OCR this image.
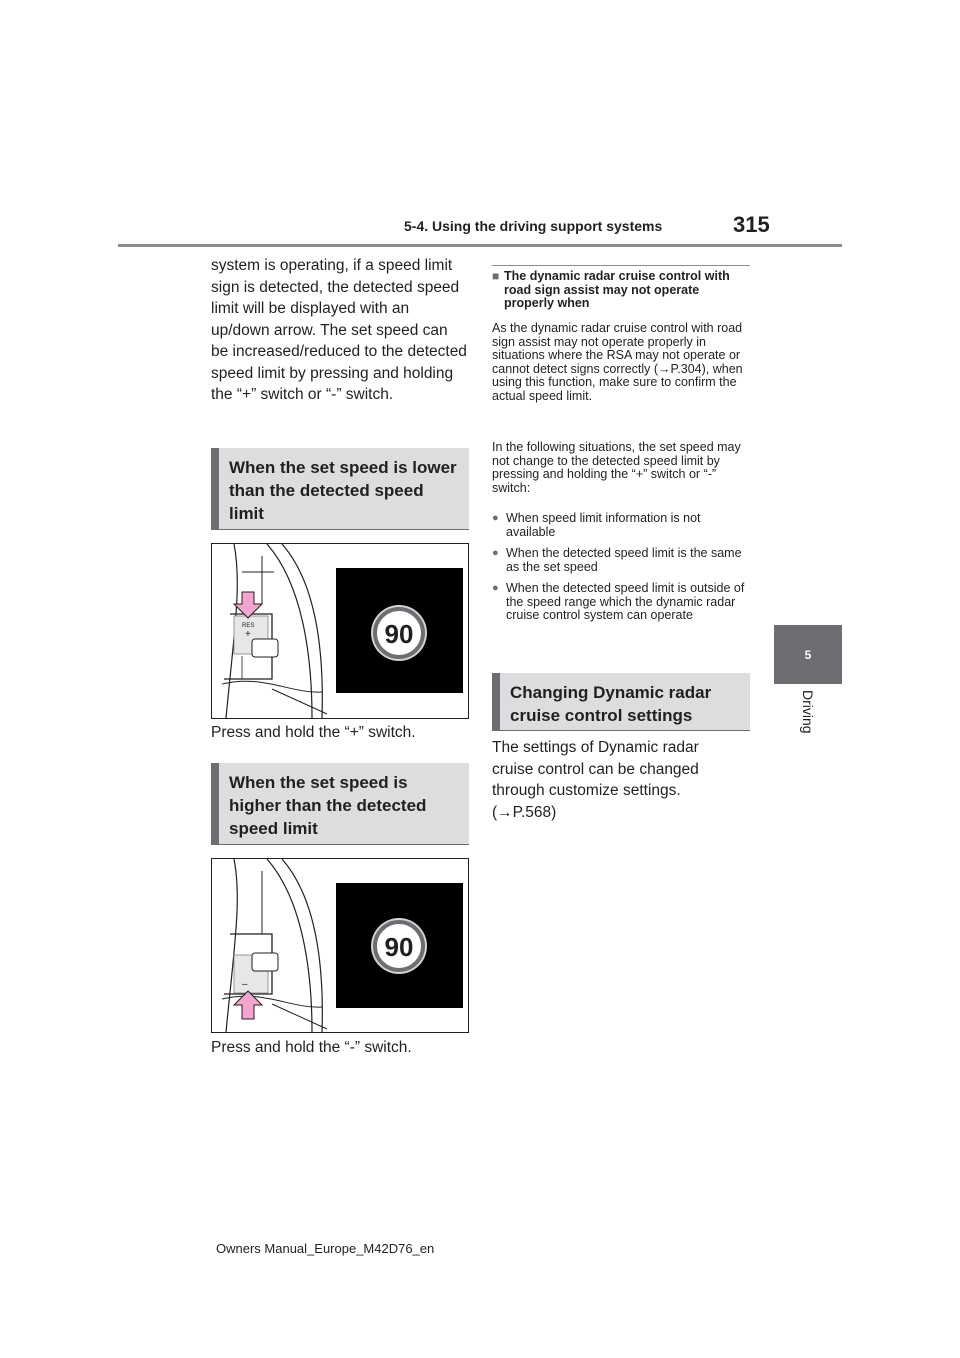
5-4. Using the driving support systems	315
5
Driving
system is operating, if a speed limit sign is detected, the detected speed limit will be displayed with an up/down arrow. The set speed can be increased/reduced to the detected speed limit by pressing and holding the “+” switch or “-” switch.
When the set speed is lower than the detected speed limit
RES
+	90
Press and hold the “+” switch.
When the set speed is higher than the detected speed limit
–
90
Press and hold the “-” switch.
■ The dynamic radar cruise control with road sign assist may not operate properly when
As the dynamic radar cruise control with road sign assist may not operate properly in situations where the RSA may not operate or cannot detect signs correctly (→P.304), when using this function, make sure to confirm the actual speed limit.
In the following situations, the set speed may not change to the detected speed limit by pressing and holding the “+” switch or “-” switch:
● When speed limit information is not available
● When the detected speed limit is the same as the set speed
● When the detected speed limit is outside of the speed range which the dynamic radar cruise control system can operate
Changing Dynamic radar cruise control settings
The settings of Dynamic radar cruise control can be changed through customize settings. (→P.568)
Owners Manual_Europe_M42D76_en
